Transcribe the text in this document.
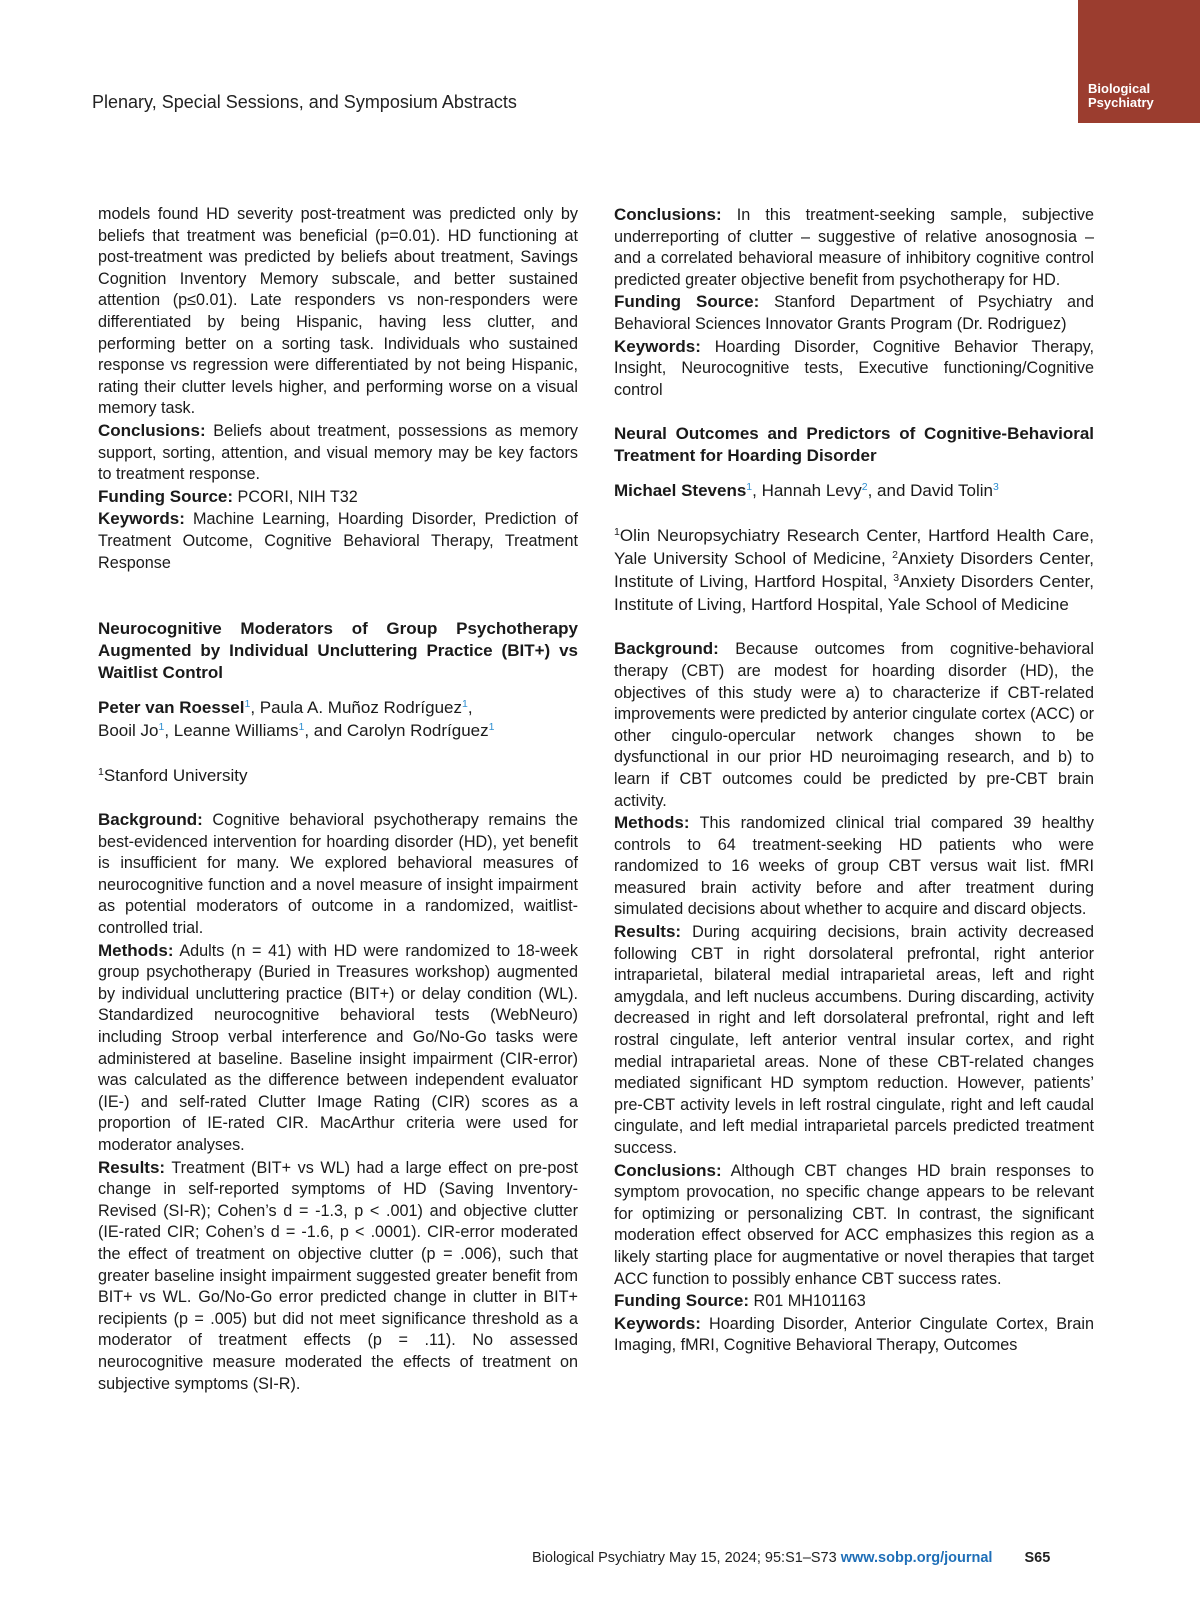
Biological
Psychiatry
Plenary, Special Sessions, and Symposium Abstracts

models found HD severity post-treatment was predicted only by beliefs that treatment was beneficial (p=0.01). HD functioning at post-treatment was predicted by beliefs about treatment, Savings Cognition Inventory Memory subscale, and better sustained attention (p≤0.01). Late responders vs non-responders were differentiated by being Hispanic, having less clutter, and performing better on a sorting task. Individuals who sustained response vs regression were differentiated by not being Hispanic, rating their clutter levels higher, and performing worse on a visual memory task.

Conclusions: Beliefs about treatment, possessions as memory support, sorting, attention, and visual memory may be key factors to treatment response.

Funding Source: PCORI, NIH T32

Keywords: Machine Learning, Hoarding Disorder, Prediction of Treatment Outcome, Cognitive Behavioral Therapy, Treatment Response

Neurocognitive Moderators of Group Psychotherapy Augmented by Individual Uncluttering Practice (BIT+) vs Waitlist Control

Peter van Roessel$^1$, Paula A. Muñoz Rodríguez$^1$,
Booil Jo$^1$, Leanne Williams$^1$, and Carolyn Rodríguez$^1$

$^1$Stanford University

Background: Cognitive behavioral psychotherapy remains the best-evidenced intervention for hoarding disorder (HD), yet benefit is insufficient for many. We explored behavioral measures of neurocognitive function and a novel measure of insight impairment as potential moderators of outcome in a randomized, waitlist-controlled trial.

Methods: Adults (n = 41) with HD were randomized to 18-week group psychotherapy (Buried in Treasures workshop) augmented by individual uncluttering practice (BIT+) or delay condition (WL). Standardized neurocognitive behavioral tests (WebNeuro) including Stroop verbal interference and Go/No-Go tasks were administered at baseline. Baseline insight impairment (CIR-error) was calculated as the difference between independent evaluator (IE-) and self-rated Clutter Image Rating (CIR) scores as a proportion of IE-rated CIR. MacArthur criteria were used for moderator analyses.

Results: Treatment (BIT+ vs WL) had a large effect on pre-post change in self-reported symptoms of HD (Saving Inventory-Revised (SI-R); Cohen’s d = -1.3, p < .001) and objective clutter (IE-rated CIR; Cohen’s d = -1.6, p < .0001). CIR-error moderated the effect of treatment on objective clutter (p = .006), such that greater baseline insight impairment suggested greater benefit from BIT+ vs WL. Go/No-Go error predicted change in clutter in BIT+ recipients (p = .005) but did not meet significance threshold as a moderator of treatment effects (p = .11). No assessed neurocognitive measure moderated the effects of treatment on subjective symptoms (SI-R).

Conclusions: In this treatment-seeking sample, subjective underreporting of clutter – suggestive of relative anosognosia – and a correlated behavioral measure of inhibitory cognitive control predicted greater objective benefit from psychotherapy for HD.

Funding Source: Stanford Department of Psychiatry and Behavioral Sciences Innovator Grants Program (Dr. Rodriguez)

Keywords: Hoarding Disorder, Cognitive Behavior Therapy, Insight, Neurocognitive tests, Executive functioning/Cognitive control

Neural Outcomes and Predictors of Cognitive-Behavioral Treatment for Hoarding Disorder

Michael Stevens$^1$, Hannah Levy$^2$, and David Tolin$^3$

$^1$Olin Neuropsychiatry Research Center, Hartford Health Care, Yale University School of Medicine, $^2$Anxiety Disorders Center, Institute of Living, Hartford Hospital, $^3$Anxiety Disorders Center, Institute of Living, Hartford Hospital, Yale School of Medicine

Background: Because outcomes from cognitive-behavioral therapy (CBT) are modest for hoarding disorder (HD), the objectives of this study were a) to characterize if CBT-related improvements were predicted by anterior cingulate cortex (ACC) or other cingulo-opercular network changes shown to be dysfunctional in our prior HD neuroimaging research, and b) to learn if CBT outcomes could be predicted by pre-CBT brain activity.

Methods: This randomized clinical trial compared 39 healthy controls to 64 treatment-seeking HD patients who were randomized to 16 weeks of group CBT versus wait list. fMRI measured brain activity before and after treatment during simulated decisions about whether to acquire and discard objects.

Results: During acquiring decisions, brain activity decreased following CBT in right dorsolateral prefrontal, right anterior intraparietal, bilateral medial intraparietal areas, left and right amygdala, and left nucleus accumbens. During discarding, activity decreased in right and left dorsolateral prefrontal, right and left rostral cingulate, left anterior ventral insular cortex, and right medial intraparietal areas. None of these CBT-related changes mediated significant HD symptom reduction. However, patients’ pre-CBT activity levels in left rostral cingulate, right and left caudal cingulate, and left medial intraparietal parcels predicted treatment success.

Conclusions: Although CBT changes HD brain responses to symptom provocation, no specific change appears to be relevant for optimizing or personalizing CBT. In contrast, the significant moderation effect observed for ACC emphasizes this region as a likely starting place for augmentative or novel therapies that target ACC function to possibly enhance CBT success rates.

Funding Source: R01 MH101163

Keywords: Hoarding Disorder, Anterior Cingulate Cortex, Brain Imaging, fMRI, Cognitive Behavioral Therapy, Outcomes

Biological Psychiatry May 15, 2024; 95:S1–S73 www.sobp.org/journal S65
